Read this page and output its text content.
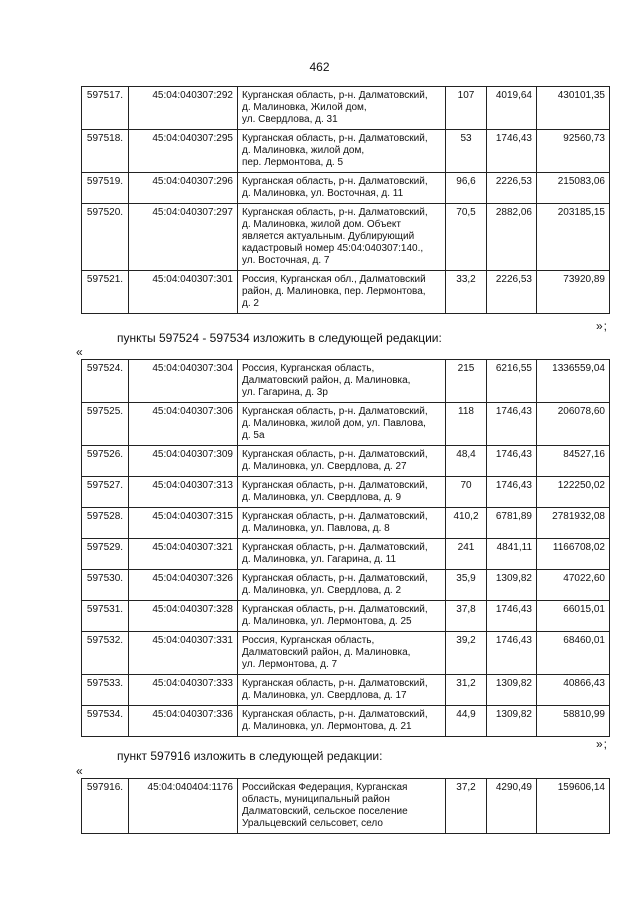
462
597517.	45:04:040307:292	Курганская область, р-н. Далматовский,
д. Малиновка, Жилой дом,
ул. Свердлова, д. 31	107	4019,64	430101,35
597518.	45:04:040307:295	Курганская область, р-н. Далматовский,
д. Малиновка, жилой дом,
пер. Лермонтова, д. 5	53	1746,43	92560,73
597519.	45:04:040307:296	Курганская область, р-н. Далматовский,
д. Малиновка, ул. Восточная, д. 11	96,6	2226,53	215083,06
597520.	45:04:040307:297	Курганская область, р-н. Далматовский,
д. Малиновка, жилой дом. Объект
является актуальным. Дублирующий
кадастровый номер 45:04:040307:140.,
ул. Восточная, д. 7	70,5	2882,06	203185,15
597521.	45:04:040307:301	Россия, Курганская обл., Далматовский
район, д. Малиновка, пер. Лермонтова,
д. 2	33,2	2226,53	73920,89
»;
пункты 597524 - 597534 изложить в следующей редакции:
«
597524.	45:04:040307:304	Россия, Курганская область,
Далматовский район, д. Малиновка,
ул. Гагарина, д. 3р	215	6216,55	1336559,04
597525.	45:04:040307:306	Курганская область, р-н. Далматовский,
д. Малиновка, жилой дом, ул. Павлова,
д. 5а	118	1746,43	206078,60
597526.	45:04:040307:309	Курганская область, р-н. Далматовский,
д. Малиновка, ул. Свердлова, д. 27	48,4	1746,43	84527,16
597527.	45:04:040307:313	Курганская область, р-н. Далматовский,
д. Малиновка, ул. Свердлова, д. 9	70	1746,43	122250,02
597528.	45:04:040307:315	Курганская область, р-н. Далматовский,
д. Малиновка, ул. Павлова, д. 8	410,2	6781,89	2781932,08
597529.	45:04:040307:321	Курганская область, р-н. Далматовский,
д. Малиновка, ул. Гагарина, д. 11	241	4841,11	1166708,02
597530.	45:04:040307:326	Курганская область, р-н. Далматовский,
д. Малиновка, ул. Свердлова, д. 2	35,9	1309,82	47022,60
597531.	45:04:040307:328	Курганская область, р-н. Далматовский,
д. Малиновка, ул. Лермонтова, д. 25	37,8	1746,43	66015,01
597532.	45:04:040307:331	Россия, Курганская область,
Далматовский район, д. Малиновка,
ул. Лермонтова, д. 7	39,2	1746,43	68460,01
597533.	45:04:040307:333	Курганская область, р-н. Далматовский,
д. Малиновка, ул. Свердлова, д. 17	31,2	1309,82	40866,43
597534.	45:04:040307:336	Курганская область, р-н. Далматовский,
д. Малиновка, ул. Лермонтова, д. 21	44,9	1309,82	58810,99
»;
пункт 597916 изложить в следующей редакции:
«
597916.	45:04:040404:1176	Российская Федерация, Курганская
область, муниципальный район
Далматовский, сельское поселение
Уральцевский сельсовет, село
	37,2	4290,49	159606,14
